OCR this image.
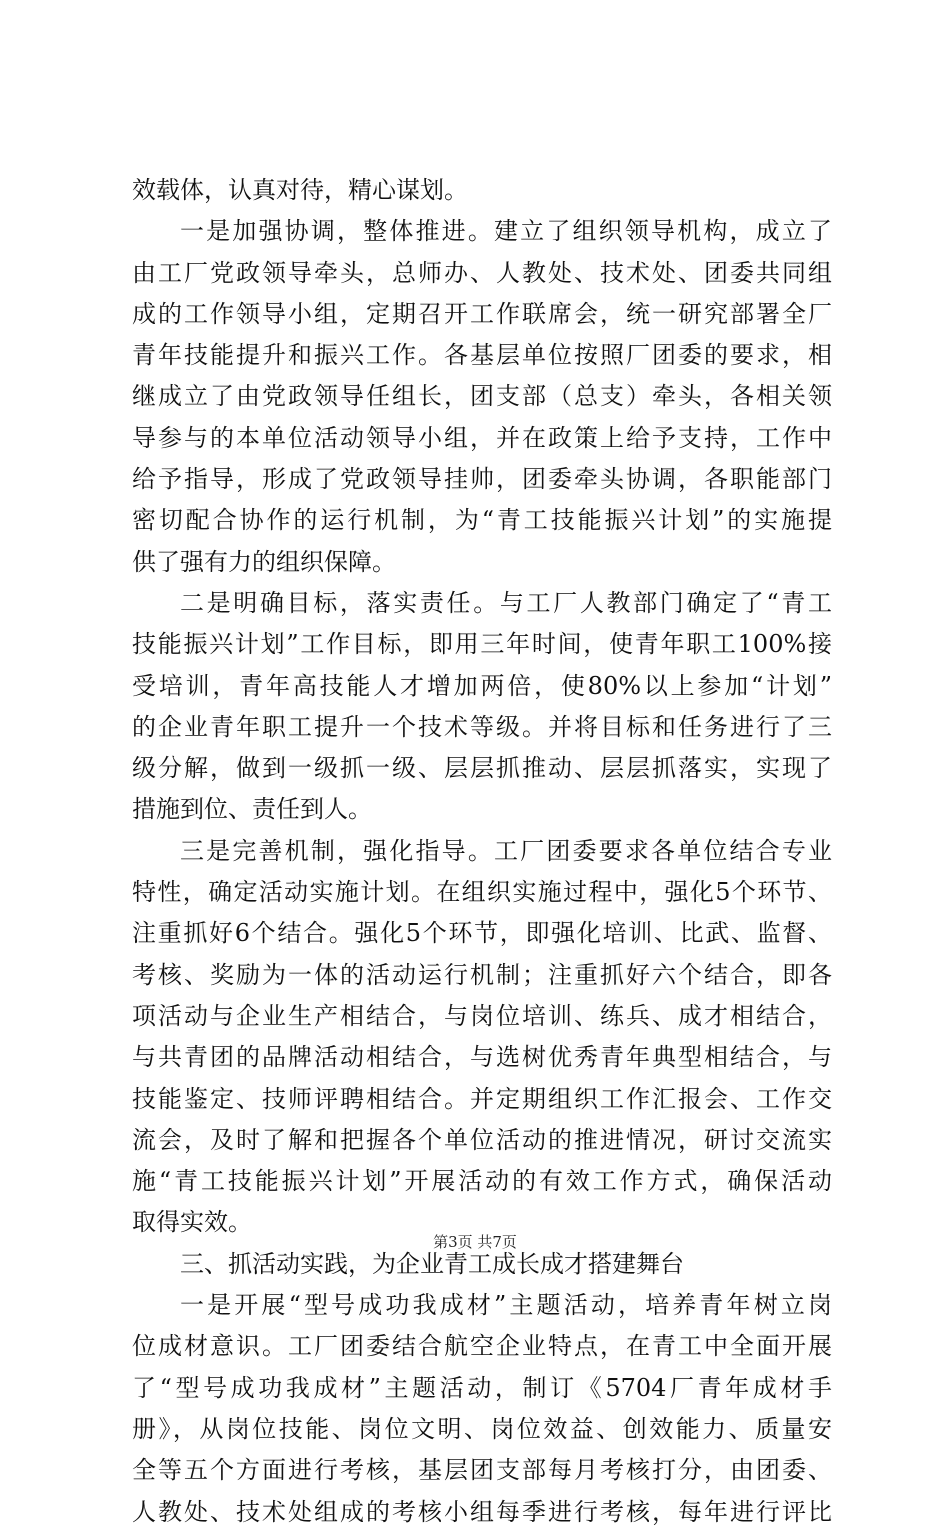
效载体，认真对待，精心谋划。
一是加强协调，整体推进。建立了组织领导机构，成立了
由工厂党政领导牵头，总师办、人教处、技术处、团委共同组
成的工作领导小组，定期召开工作联席会，统一研究部署全厂
青年技能提升和振兴工作。各基层单位按照厂团委的要求，相
继成立了由党政领导任组长，团支部（总支）牵头，各相关领
导参与的本单位活动领导小组，并在政策上给予支持，工作中
给予指导，形成了党政领导挂帅，团委牵头协调，各职能部门
密切配合协作的运行机制，为“青工技能振兴计划”的实施提
供了强有力的组织保障。
二是明确目标，落实责任。与工厂人教部门确定了“青工
技能振兴计划”工作目标，即用三年时间，使青年职工100%接
受培训，青年高技能人才增加两倍，使80%以上参加“计划”
的企业青年职工提升一个技术等级。并将目标和任务进行了三
级分解，做到一级抓一级、层层抓推动、层层抓落实，实现了
措施到位、责任到人。
三是完善机制，强化指导。工厂团委要求各单位结合专业
特性，确定活动实施计划。在组织实施过程中，强化5个环节、
注重抓好6个结合。强化5个环节，即强化培训、比武、监督、
考核、奖励为一体的活动运行机制；注重抓好六个结合，即各
项活动与企业生产相结合，与岗位培训、练兵、成才相结合，
与共青团的品牌活动相结合，与选树优秀青年典型相结合，与
技能鉴定、技师评聘相结合。并定期组织工作汇报会、工作交
流会，及时了解和把握各个单位活动的推进情况，研讨交流实
施“青工技能振兴计划”开展活动的有效工作方式，确保活动
取得实效。
三、抓活动实践，为企业青工成长成才搭建舞台
一是开展“型号成功我成材”主题活动，培养青年树立岗
位成材意识。工厂团委结合航空企业特点，在青工中全面开展
了“型号成功我成材”主题活动，制订《5704厂青年成材手
册》，从岗位技能、岗位文明、岗位效益、创效能力、质量安
全等五个方面进行考核，基层团支部每月考核打分，由团委、
人教处、技术处组成的考核小组每季进行考核，每年进行评比
第3页 共7页
